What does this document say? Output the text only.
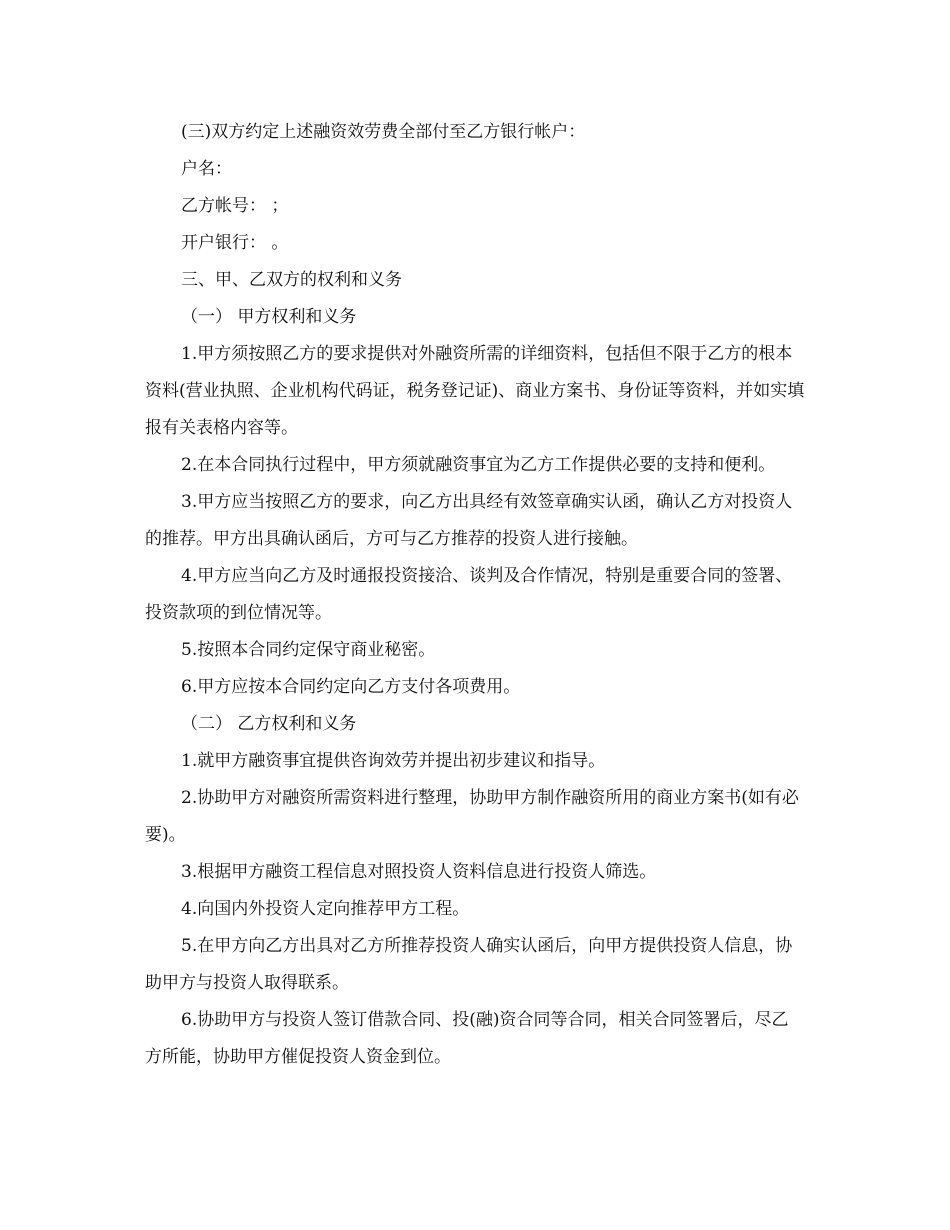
(三)双方约定上述融资效劳费全部付至乙方银行帐户：

户名：

乙方帐号： ；

开户银行： 。

三、甲、乙双方的权利和义务

（一） 甲方权利和义务

1.甲方须按照乙方的要求提供对外融资所需的详细资料，包括但不限于乙方的根本资料(营业执照、企业机构代码证，税务登记证)、商业方案书、身份证等资料，并如实填报有关表格内容等。

2.在本合同执行过程中，甲方须就融资事宜为乙方工作提供必要的支持和便利。

3.甲方应当按照乙方的要求，向乙方出具经有效签章确实认函，确认乙方对投资人的推荐。甲方出具确认函后，方可与乙方推荐的投资人进行接触。

4.甲方应当向乙方及时通报投资接洽、谈判及合作情况，特别是重要合同的签署、投资款项的到位情况等。

5.按照本合同约定保守商业秘密。

6.甲方应按本合同约定向乙方支付各项费用。

（二） 乙方权利和义务

1.就甲方融资事宜提供咨询效劳并提出初步建议和指导。

2.协助甲方对融资所需资料进行整理，协助甲方制作融资所用的商业方案书(如有必要)。

3.根据甲方融资工程信息对照投资人资料信息进行投资人筛选。

4.向国内外投资人定向推荐甲方工程。

5.在甲方向乙方出具对乙方所推荐投资人确实认函后，向甲方提供投资人信息，协助甲方与投资人取得联系。

6.协助甲方与投资人签订借款合同、投(融)资合同等合同，相关合同签署后，尽乙方所能，协助甲方催促投资人资金到位。
